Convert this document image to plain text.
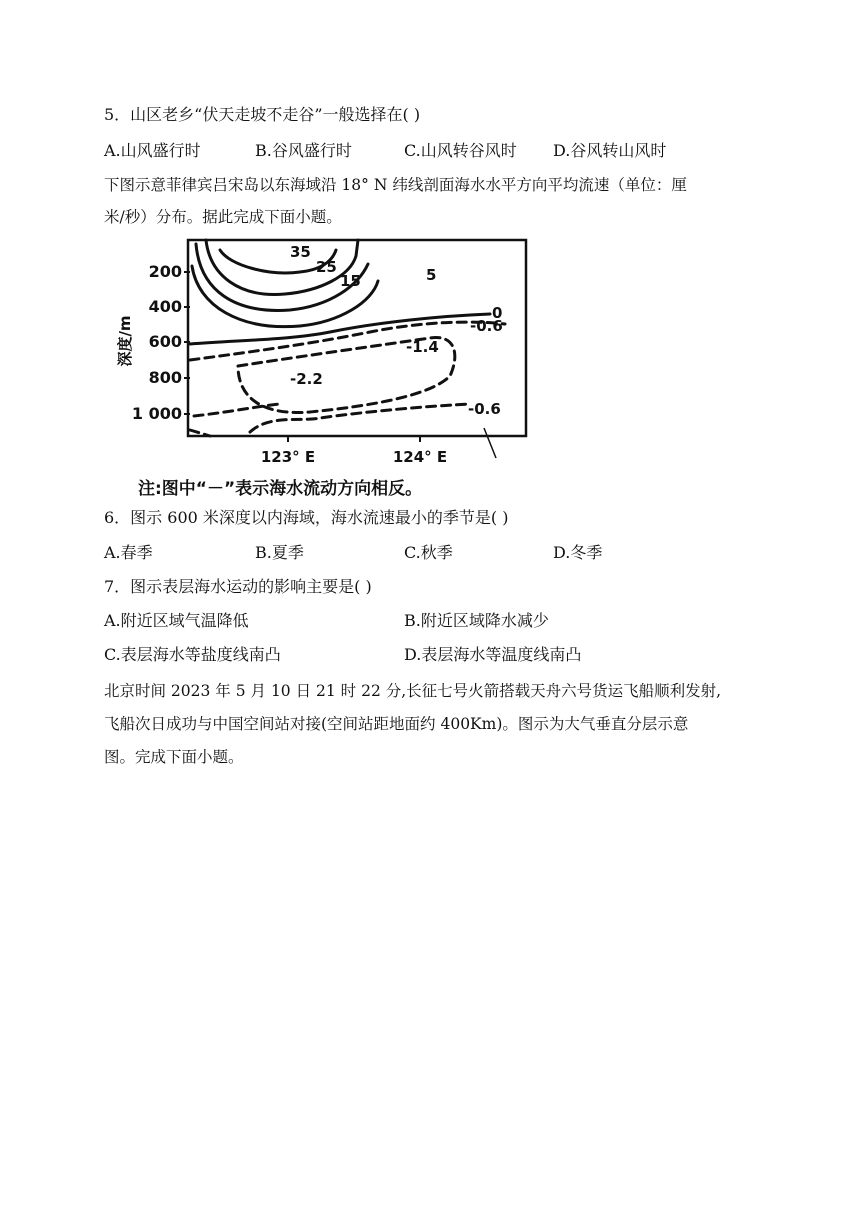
5．山区老乡“伏天走坡不走谷”一般选择在( )
A.山风盛行时	B.谷风盛行时	C.山风转谷风时 D.谷风转山风时
下图示意菲律宾吕宋岛以东海域沿 18° N 纬线剖面海水水平方向平均流速（单位：厘
米/秒）分布。据此完成下面小题。
深度/m
200
400
600
800
1 000
123° E	124° E
35
25
15	5
0
-0.6
-1.4
-2.2
-0.6
注:图中“－”表示海水流动方向相反。
6．图示 600 米深度以内海域，海水流速最小的季节是( )
A.春季	B.夏季	C.秋季	D.冬季
7．图示表层海水运动的影响主要是( )
A.附近区域气温降低	B.附近区域降水减少
C.表层海水等盐度线南凸	D.表层海水等温度线南凸
北京时间 2023 年 5 月 10 日 21 时 22 分,长征七号火箭搭载天舟六号货运飞船顺利发射,
飞船次日成功与中国空间站对接(空间站距地面约 400Km)。图示为大气垂直分层示意
图。完成下面小题。
